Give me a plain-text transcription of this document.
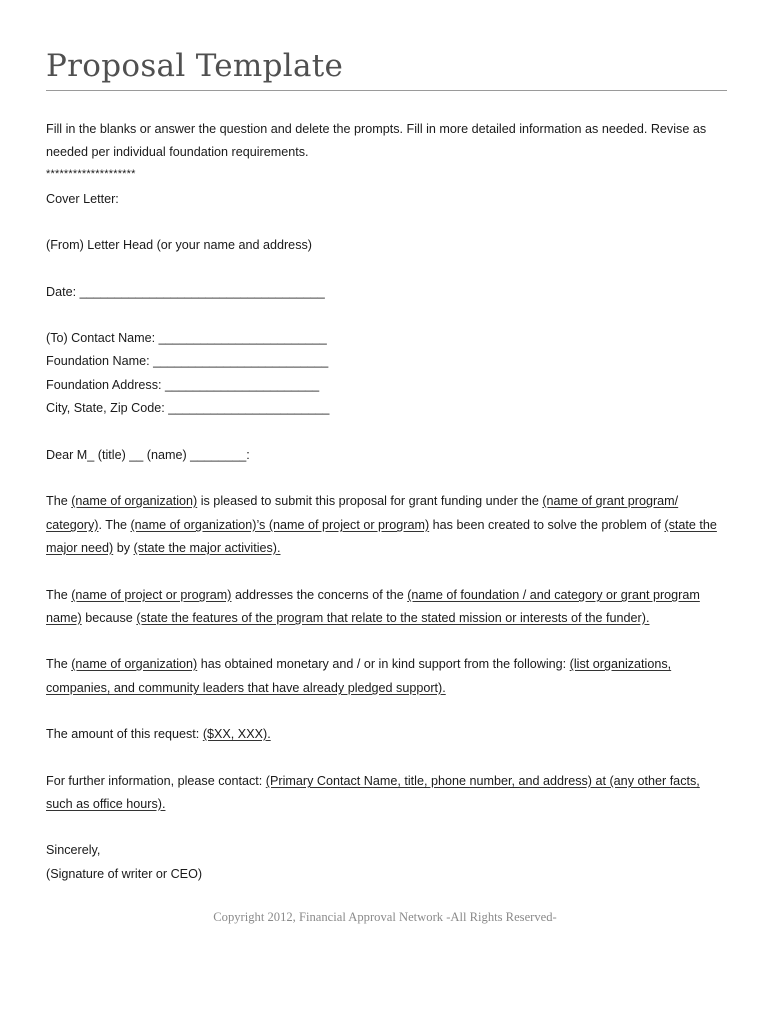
Proposal Template
Fill in the blanks or answer the question and delete the prompts. Fill in more detailed information as needed. Revise as
needed per individual foundation requirements.
********************
Cover Letter:
(From) Letter Head (or your name and address)
Date: ___________________________________
(To) Contact Name: ________________________
Foundation Name: _________________________
Foundation Address: ______________________
City, State, Zip Code: _______________________
Dear M_ (title) __ (name) ________:
The (name of organization) is pleased to submit this proposal for grant funding under the (name of grant program/
category). The (name of organization)’s (name of project or program) has been created to solve the problem of (state the
major need) by (state the major activities).
The (name of project or program) addresses the concerns of the (name of foundation / and category or grant program
name) because (state the features of the program that relate to the stated mission or interests of the funder).
The (name of organization) has obtained monetary and / or in kind support from the following: (list organizations,
companies, and community leaders that have already pledged support).
The amount of this request: ($XX, XXX).
For further information, please contact: (Primary Contact Name, title, phone number, and address) at (any other facts,
such as office hours).
Sincerely,
(Signature of writer or CEO)
Copyright 2012, Financial Approval Network -All Rights Reserved-
